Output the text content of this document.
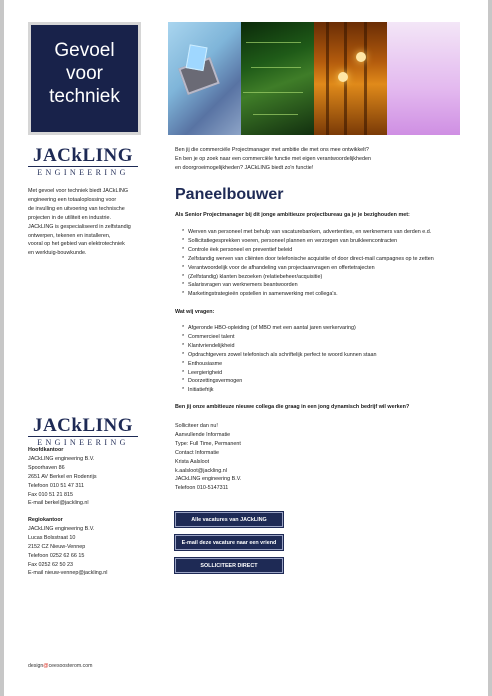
Gevoel
voor
techniek
JACkLING
ENGINEERING
Ben jij die commerciële Projectmanager met ambitie die met ons mee ontwikkelt?
En ben je op zoek naar een commerciële functie met eigen verantwoordelijkheden
en doorgroeimogelijkheden? JACkLING biedt zo'n functie!
Met gevoel voor techniek biedt JACkLING
engineering een totaaloplossing voor
de invulling en uitvoering van technische
projecten in de utiliteit en industrie.
JACkLING is gespecialiseerd in zelfstandig
ontwerpen, tekenen en installeren,
vooral op het gebied van elektrotechniek
en werktuig-bouwkunde.
Paneelbouwer
Als Senior Projectmanager bij dit jonge ambitieuze projectbureau ga je je bezighouden met:
* Werven van personeel met behulp van vacaturebanken, advertenties, en werknemers van derden e.d.
* Sollicitatiegesprekken voeren, personeel plannen en verzorgen van bruikleencontracten
* Controle ëek personeel en preventief beleid
* Zelfstandig werven van cliënten door telefonische acquisitie of door direct-mail campagnes op te zetten
* Verantwoordelijk voor de afhandeling van projectaanvragen en offertetrajecten
* (Zelfstandig) klanten bezoeken (relatiebeheer/acquisitie)
* Salarisvragen van werknemers beantwoorden
* Marketingstrategieën opstellen in samenwerking met collega's.
Wat wij vragen:
* Afgeronde HBO-opleiding (of MBO met een aantal jaren werkervaring)
* Commercieel talent
* Klantvriendelijkheid
* Opdrachtgevers zowel telefonisch als schriftelijk perfect te woord kunnen staan
* Enthousiasme
* Leergierigheid
* Doorzettingsvermogen
* Initiatiefrijk
Ben jij onze ambitieuze nieuwe collega die graag in een jong dynamisch bedrijf wil werken?
JACkLING
ENGINEERING
Solliciteer dan nu!
Aanvullende Informatie
Type: Full Time, Permanent
Contact Informatie
Krista Aalsloot
k.aalsloot@jackling.nl
JACkLING engineering B.V.
Telefoon 010-5147311
Hoofdkantoor
JACkLING engineering B.V.
Spoorhaven 86
2651 AV Berkel en Rodenrijs
Telefoon 010 51 47 311
Fax 010 51 21 815
E-mail berkel@jackling.nl
Regiokantoor
JACkLING engineering B.V.
Lucas Bolsstraat 10
2152 CZ Nieuw-Vennep
Telefoon 0252 62 66 15
Fax 0252 62 50 23
E-mail nieuw-vennep@jackling.nl
Alle vacatures van JACkLING
E-mail deze vacature naar een vriend
SOLLICITEER DIRECT
design@ceesoosterom.com
